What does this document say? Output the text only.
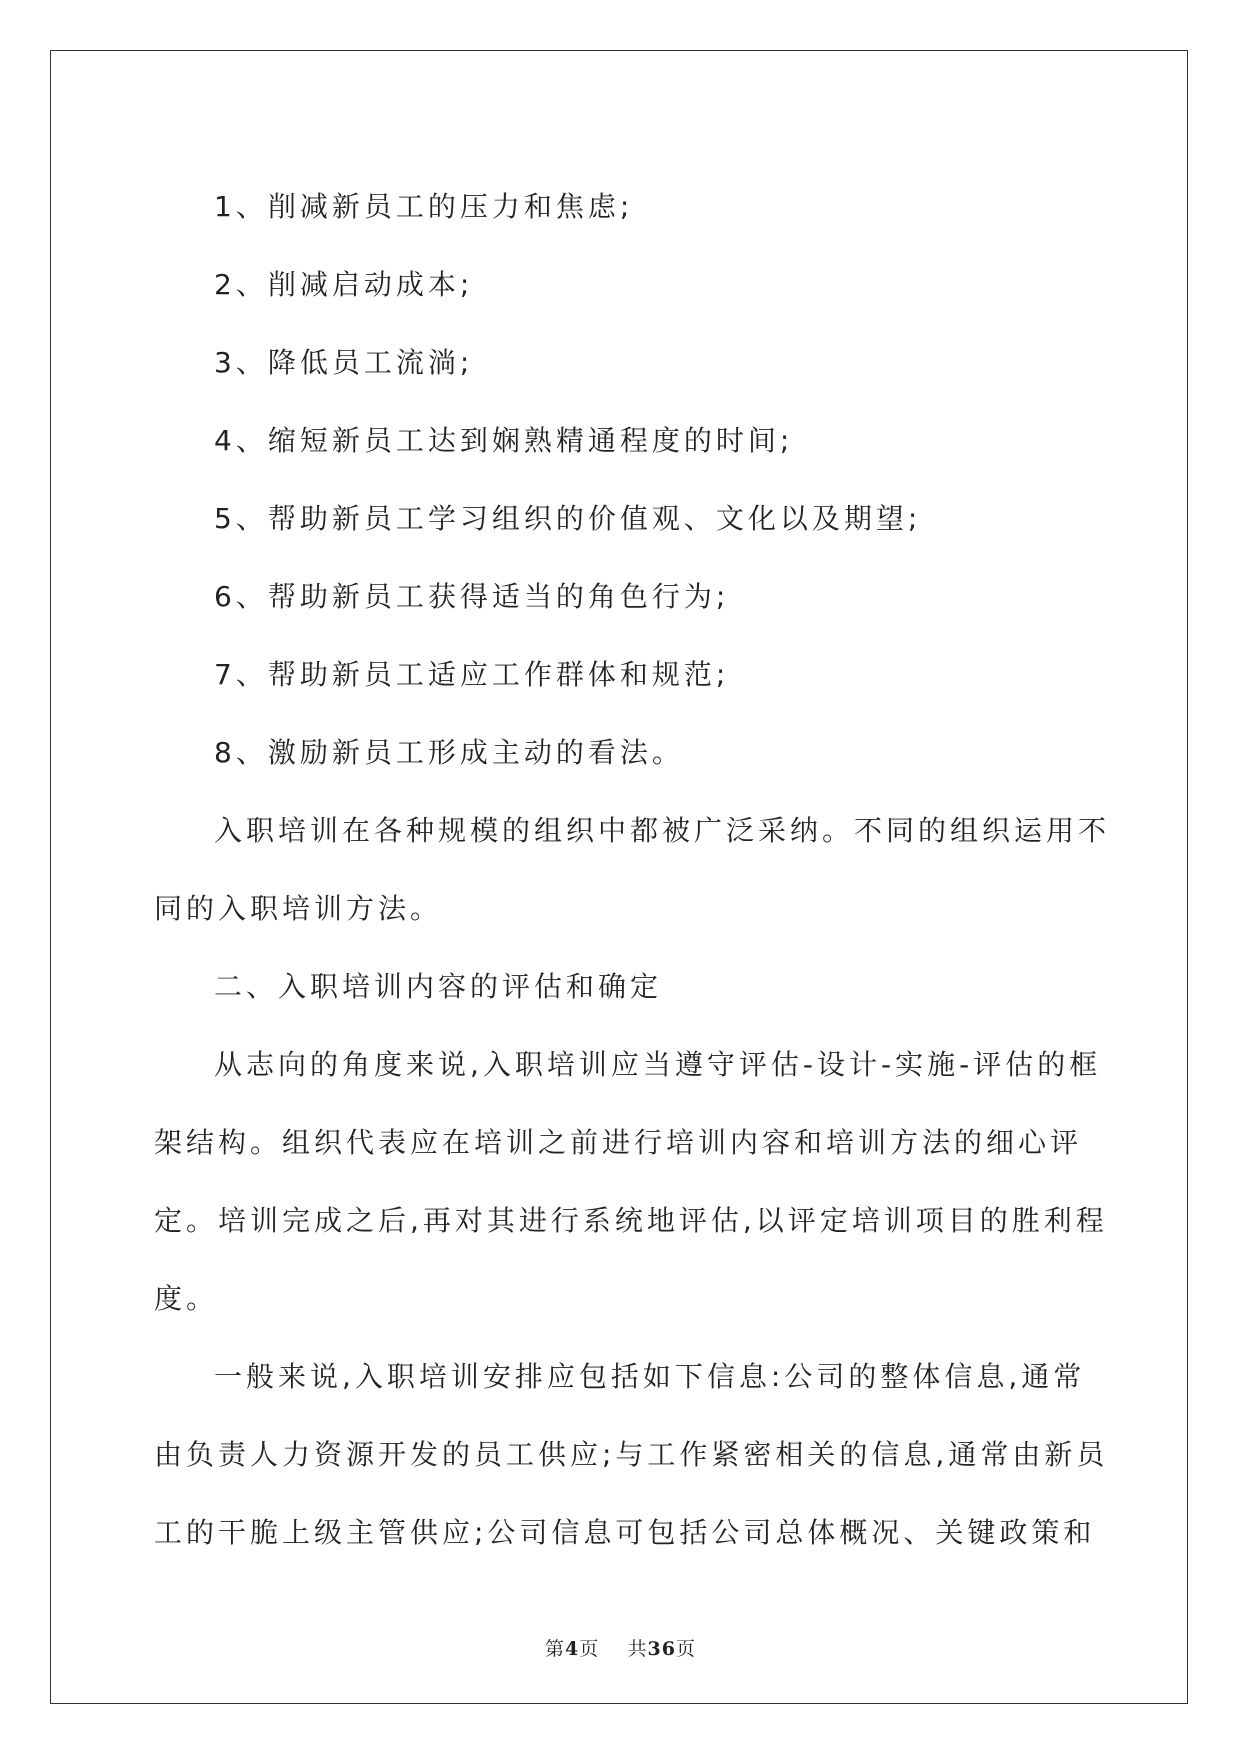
1、削减新员工的压力和焦虑;

2、削减启动成本;

3、降低员工流淌;

4、缩短新员工达到娴熟精通程度的时间;

5、帮助新员工学习组织的价值观、文化以及期望;

6、帮助新员工获得适当的角色行为;

7、帮助新员工适应工作群体和规范;

8、激励新员工形成主动的看法。

入职培训在各种规模的组织中都被广泛采纳。不同的组织运用不同的入职培训方法。

二、入职培训内容的评估和确定

从志向的角度来说,入职培训应当遵守评估-设计-实施-评估的框架结构。组织代表应在培训之前进行培训内容和培训方法的细心评定。培训完成之后,再对其进行系统地评估,以评定培训项目的胜利程度。

一般来说,入职培训安排应包括如下信息:公司的整体信息,通常由负责人力资源开发的员工供应;与工作紧密相关的信息,通常由新员工的干脆上级主管供应;公司信息可包括公司总体概况、关键政策和

第4页 共36页
